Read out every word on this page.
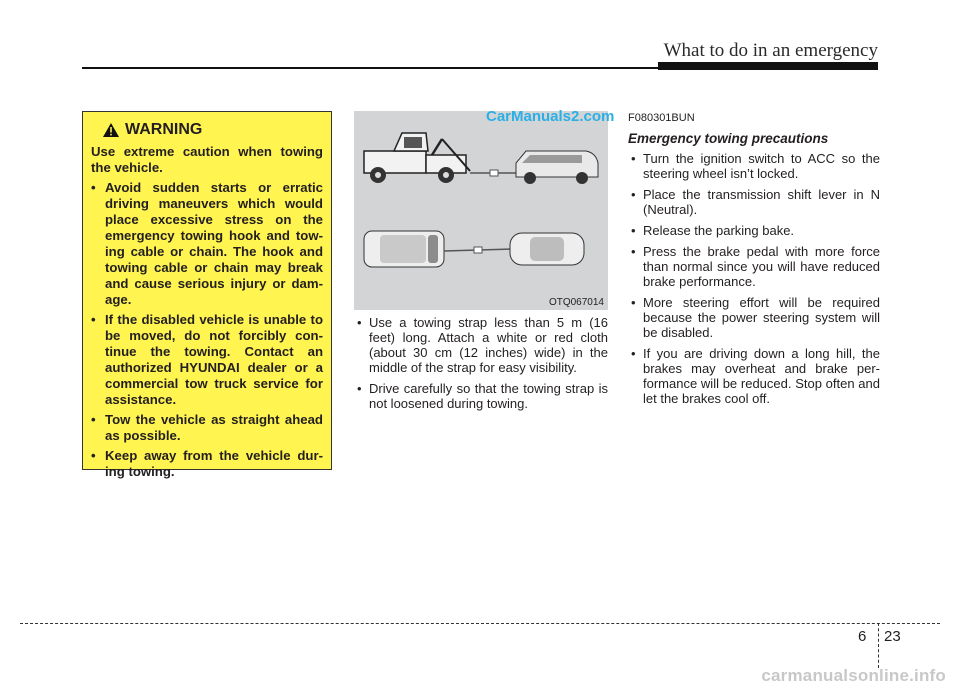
What to do in an emergency
WARNING

Use extreme caution when towing the vehicle.

• Avoid sudden starts or erratic driving maneuvers which would place excessive stress on the emergency towing hook and tow-ing cable or chain. The hook and towing cable or chain may break and cause serious injury or dam-age.
• If the disabled vehicle is unable to be moved, do not forcibly con-tinue the towing. Contact an authorized HYUNDAI dealer or a commercial tow truck service for assistance.
• Tow the vehicle as straight ahead as possible.
• Keep away from the vehicle dur-ing towing.
OTQ067014
CarManuals2.com
• Use a towing strap less than 5 m (16 feet) long. Attach a white or red cloth (about 30 cm (12 inches) wide) in the middle of the strap for easy visibility.
• Drive carefully so that the towing strap is not loosened during towing.
F080301BUN
Emergency towing precautions
• Turn the ignition switch to ACC so the steering wheel isn’t locked.
• Place the transmission shift lever in N (Neutral).
• Release the parking bake.
• Press the brake pedal with more force than normal since you will have reduced brake performance.
• More steering effort will be required because the power steering system will be disabled.
• If you are driving down a long hill, the brakes may overheat and brake per-formance will be reduced. Stop often and let the brakes cool off.
6 23
carmanualsonline.info
